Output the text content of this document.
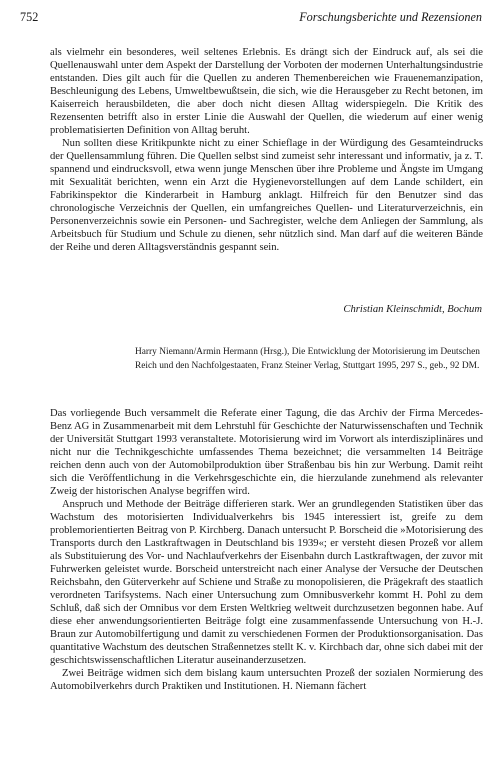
752	Forschungsberichte und Rezensionen

als vielmehr ein besonderes, weil seltenes Erlebnis. Es drängt sich der Eindruck auf, als sei die Quellenauswahl unter dem Aspekt der Darstellung der Vorboten der modernen Unterhaltungsindustrie entstanden. Dies gilt auch für die Quellen zu anderen Themenbereichen wie Frauenemanzipation, Beschleunigung des Lebens, Umweltbewußtsein, die sich, wie die Herausgeber zu Recht betonen, im Kaiserreich herausbildeten, die aber doch nicht diesen Alltag widerspiegeln. Die Kritik des Rezensenten betrifft also in erster Linie die Auswahl der Quellen, die wiederum auf einer wenig problematisierten Definition von Alltag beruht.

Nun sollten diese Kritikpunkte nicht zu einer Schieflage in der Würdigung des Gesamteindrucks der Quellensammlung führen. Die Quellen selbst sind zumeist sehr interessant und informativ, ja z. T. spannend und eindrucksvoll, etwa wenn junge Menschen über ihre Probleme und Ängste im Umgang mit Sexualität berichten, wenn ein Arzt die Hygienevorstellungen auf dem Lande schildert, ein Fabrikinspektor die Kinderarbeit in Hamburg anklagt. Hilfreich für den Benutzer sind das chronologische Verzeichnis der Quellen, ein umfangreiches Quellen- und Literaturverzeichnis, ein Personenverzeichnis sowie ein Personen- und Sachregister, welche dem Anliegen der Sammlung, als Arbeitsbuch für Studium und Schule zu dienen, sehr nützlich sind. Man darf auf die weiteren Bände der Reihe und deren Alltagsverständnis gespannt sein.

Christian Kleinschmidt, Bochum
Harry Niemann/Armin Hermann (Hrsg.), Die Entwicklung der Motorisierung im Deutschen Reich und den Nachfolgestaaten, Franz Steiner Verlag, Stuttgart 1995, 297 S., geb., 92 DM.

Das vorliegende Buch versammelt die Referate einer Tagung, die das Archiv der Firma Mercedes-Benz AG in Zusammenarbeit mit dem Lehrstuhl für Geschichte der Naturwissenschaften und Technik der Universität Stuttgart 1993 veranstaltete. Motorisierung wird im Vorwort als interdisziplinäres und nicht nur die Technikgeschichte umfassendes Thema bezeichnet; die versammelten 14 Beiträge reichen denn auch von der Automobilproduktion über Straßenbau bis hin zur Werbung. Damit reiht sich die Veröffentlichung in die Verkehrsgeschichte ein, die hierzulande zunehmend als relevanter Zweig der historischen Analyse begriffen wird.

Anspruch und Methode der Beiträge differieren stark. Wer an grundlegenden Statistiken über das Wachstum des motorisierten Individualverkehrs bis 1945 interessiert ist, greife zu dem problemorientierten Beitrag von P. Kirchberg. Danach untersucht P. Borscheid die »Motorisierung des Transports durch den Lastkraftwagen in Deutschland bis 1939«; er versteht diesen Prozeß vor allem als Substituierung des Vor- und Nachlaufverkehrs der Eisenbahn durch Lastkraftwagen, der zuvor mit Fuhrwerken geleistet wurde. Borscheid unterstreicht nach einer Analyse der Versuche der Deutschen Reichsbahn, den Güterverkehr auf Schiene und Straße zu monopolisieren, die Prägekraft des staatlich verordneten Tarifsystems. Nach einer Untersuchung zum Omnibusverkehr kommt H. Pohl zu dem Schluß, daß sich der Omnibus vor dem Ersten Weltkrieg weltweit durchzusetzen begonnen habe. Auf diese eher anwendungsorientierten Beiträge folgt eine zusammenfassende Untersuchung von H.-J. Braun zur Automobilfertigung und damit zu verschiedenen Formen der Produktionsorganisation. Das quantitative Wachstum des deutschen Straßennetzes stellt K. v. Kirchbach dar, ohne sich dabei mit der geschichtswissenschaftlichen Literatur auseinanderzusetzen.

Zwei Beiträge widmen sich dem bislang kaum untersuchten Prozeß der sozialen Normierung des Automobilverkehrs durch Praktiken und Institutionen. H. Niemann fächert
